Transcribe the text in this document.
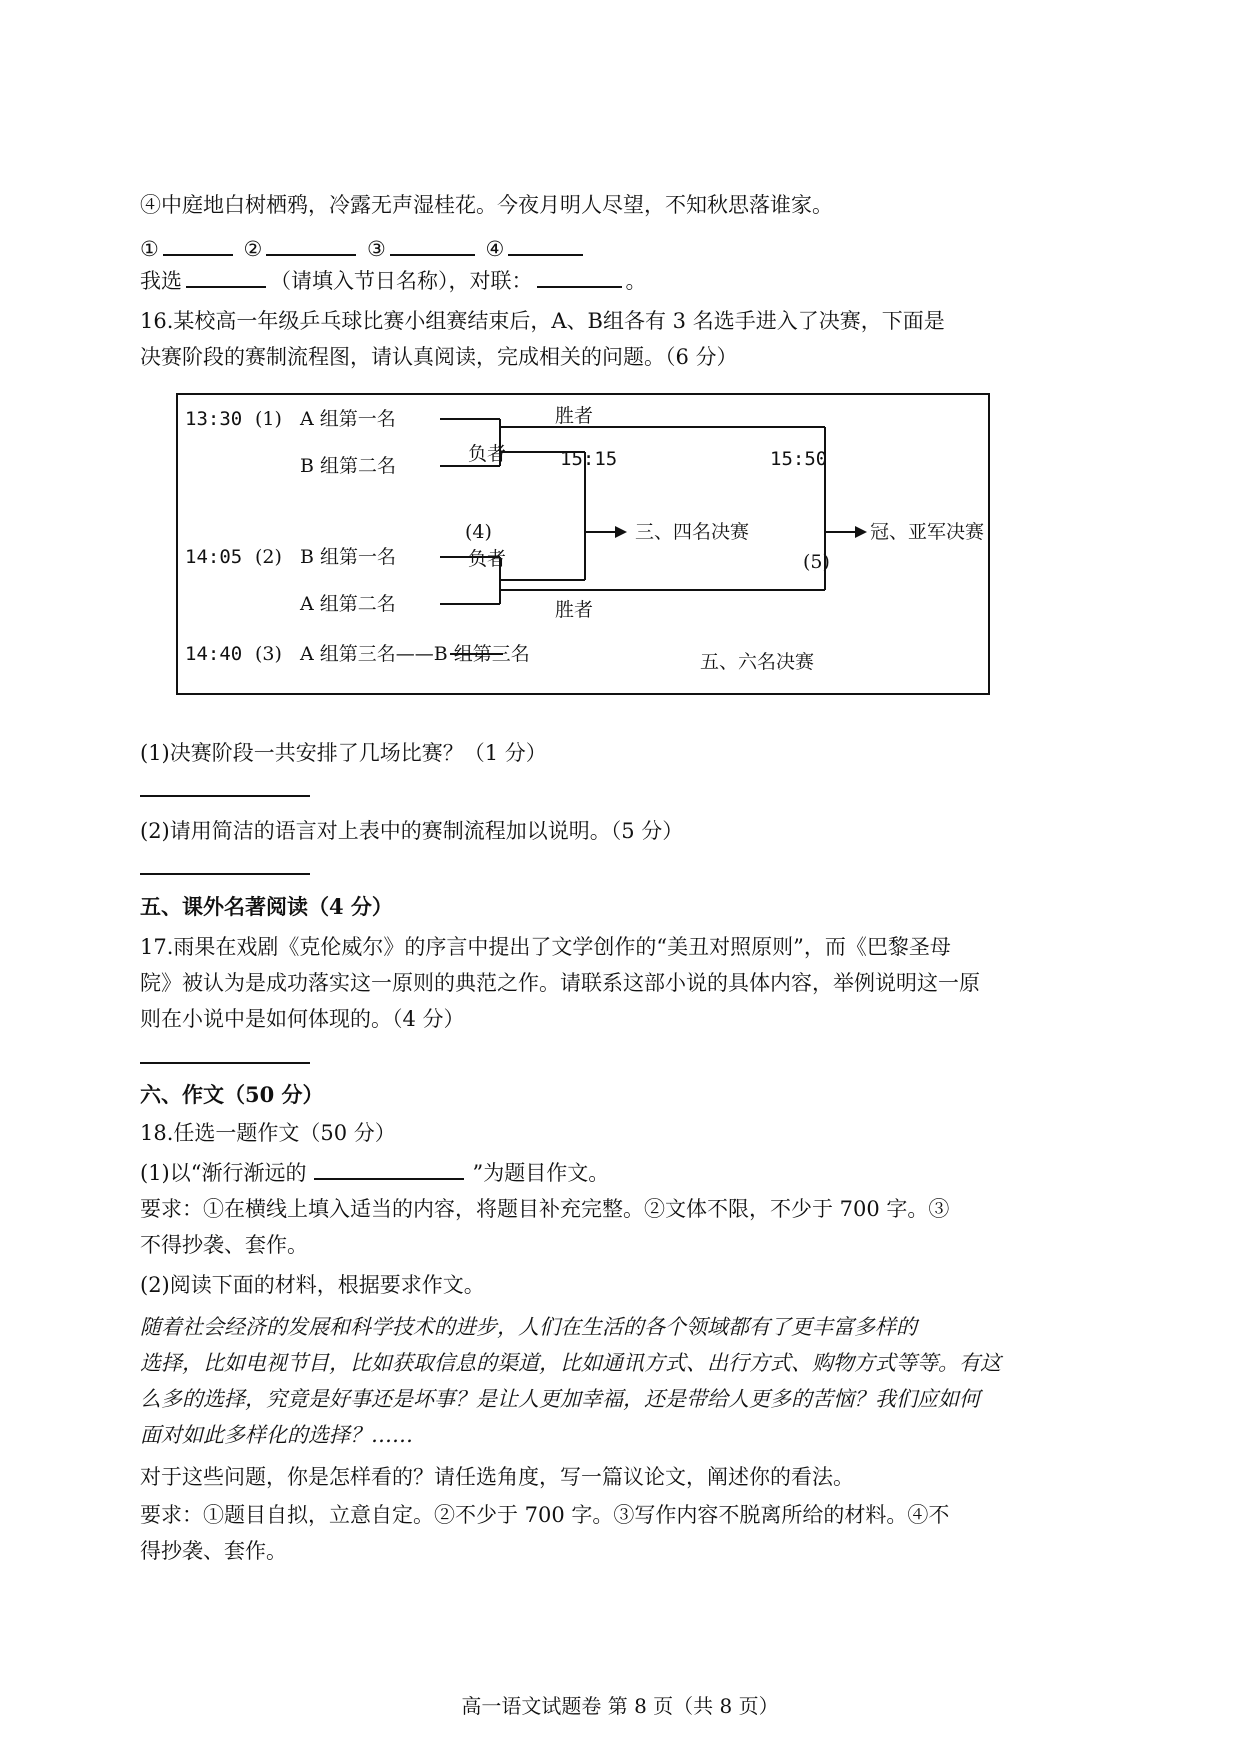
④中庭地白树栖鸦，冷露无声湿桂花。今夜月明人尽望，不知秋思落谁家。
①	②	③	④
我选	（请填入节日名称），对联：	。
16.某校高一年级乒乓球比赛小组赛结束后，A、B组各有 3 名选手进入了决赛，下面是
决赛阶段的赛制流程图，请认真阅读，完成相关的问题。（6 分）
13:30 (1) A 组第一名
B 组第二名
胜者
负者	15:15	15:50
(4)	三、四名决赛	冠、亚军决赛
(5)
14:05 (2) B 组第一名	负者
A 组第二名	胜者
14:40 (3) A 组第三名——B 组第三名	五、六名决赛
(1)决赛阶段一共安排了几场比赛？（1 分）
(2)请用简洁的语言对上表中的赛制流程加以说明。（5 分）
五、课外名著阅读（4 分）
17.雨果在戏剧《克伦威尔》的序言中提出了文学创作的“美丑对照原则”，而《巴黎圣母
院》被认为是成功落实这一原则的典范之作。请联系这部小说的具体内容，举例说明这一原
则在小说中是如何体现的。（4 分）
六、作文（50 分）
18.任选一题作文（50 分）
(1)以“渐行渐远的	”为题目作文。
要求：①在横线上填入适当的内容，将题目补充完整。②文体不限，不少于 700 字。③
不得抄袭、套作。
(2)阅读下面的材料，根据要求作文。
随着社会经济的发展和科学技术的进步，人们在生活的各个领域都有了更丰富多样的
选择，比如电视节目，比如获取信息的渠道，比如通讯方式、出行方式、购物方式等等。有这
么多的选择，究竟是好事还是坏事？是让人更加幸福，还是带给人更多的苦恼？我们应如何
面对如此多样化的选择？……
对于这些问题，你是怎样看的？请任选角度，写一篇议论文，阐述你的看法。
要求：①题目自拟，立意自定。②不少于 700 字。③写作内容不脱离所给的材料。④不
得抄袭、套作。
高一语文试题卷 第 8 页（共 8 页）
